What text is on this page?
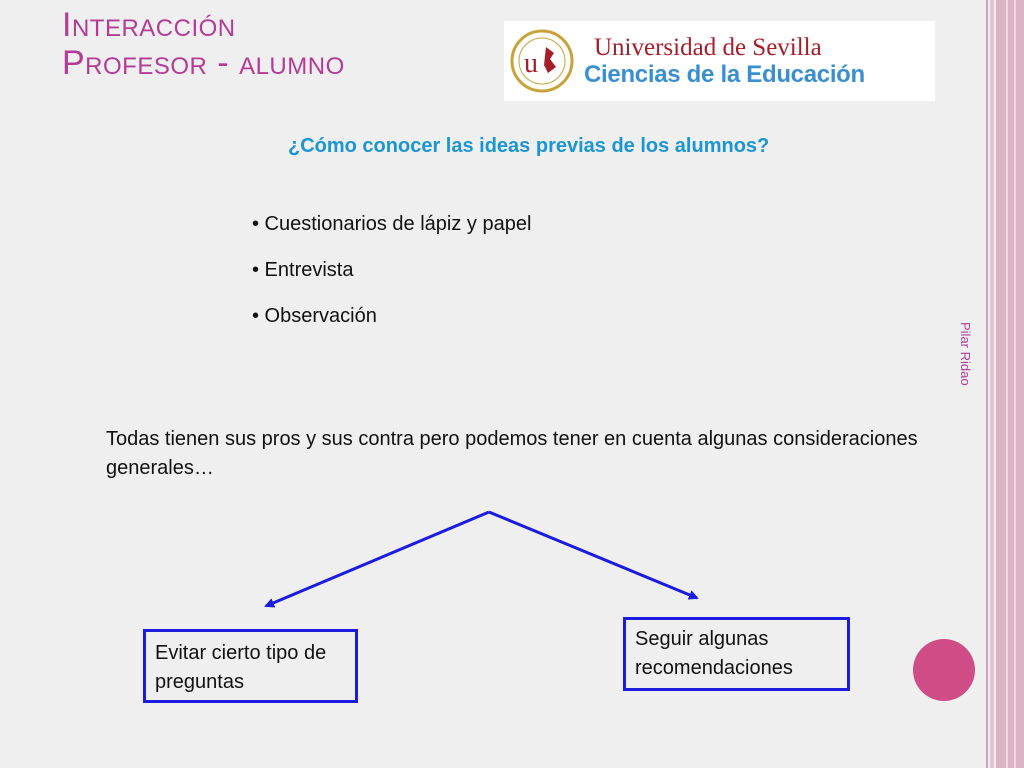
Interacción
Profesor - alumno	u
Universidad de Sevilla
Ciencias de la Educación
¿Cómo conocer las ideas previas de los alumnos?
• Cuestionarios de lápiz y papel
• Entrevista
• Observación
Pilar Ridao
Todas tienen sus pros y sus contra pero podemos tener en cuenta algunas consideraciones generales…
Evitar cierto tipo de preguntas
Seguir algunas recomendaciones
